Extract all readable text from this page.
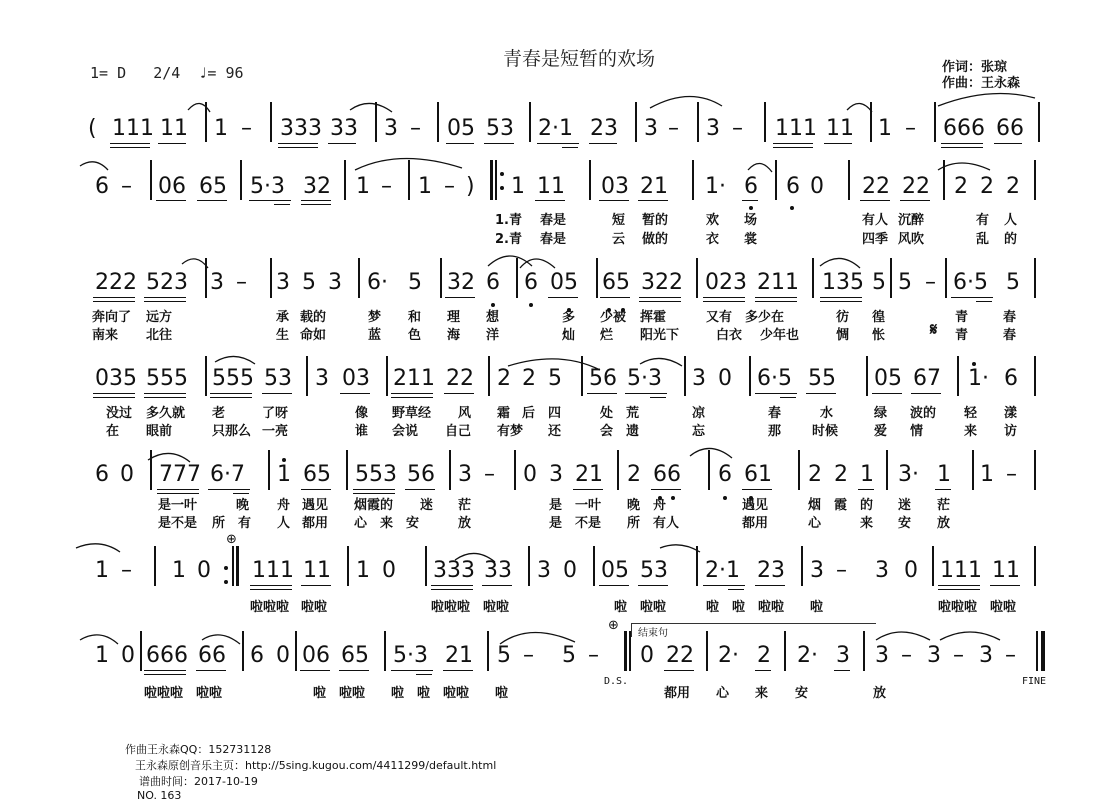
青春是短暂的欢场
1= D   2/4  ♩= 96	作词：张琼
作曲：王永森
( 111 11 1 – 333 33 3 – 05 53 2·1 23 3 – 3 – 111 11 1 – 666 66
6 – 06 65 5·3 32 1 – 1 – ) 1 11 03 21 1· 6 6 0 22 22 2 2 2
1.青 春是	短 暂的	欢 场	有人 沉醉	有 人
2.青 春是	云 做的	衣 裳	四季 风吹	乱 的
222 523 3 – 3 5 3 6· 5 32 6 6 05 65 322 023 211 135 5 5 – 6·5 5
奔向了 远方	承 载的	梦 和 理 想	多 少被 挥霍	又有 多少在	彷 徨	青	春
南来 北往	生 命如	蓝 色 海 洋	灿 烂 阳光下	白衣 少年也	惆 怅	𝄋 青	春
035 555 555 53 3 03 211 22 2 2 5 56 5·3 3 0 6·5 55 05 67 1· 6
没过 多久就 老	了呀	像 野草经 风 霜 后 四	处 荒	凉	春	水	绿 波的 轻 漾
在 眼前	只那么 一亮	谁 会说 自己 有梦 还	会 遗	忘	那 时候	爱 情	来 访
6 0 777 6·7 1 65 553 56 3 – 0 3 21 2 66 6 61 2 2 1 3· 1 1 –
是一叶	晚 舟 遇见 烟霞的 迷 茫	是 一叶 晚 舟	遇见	烟 霞 的 迷 茫
是不是 所 有 人 都用 心 来 安	放	是 不是 所 有人	都用	心	来 安 放
⊕
1 – 1 0 111 11 1 0 333 33 3 0 05 53 2·1 23 3 – 3 0 111 11
啦啦啦 啦啦	啦啦啦 啦啦	啦 啦啦	啦 啦 啦啦 啦	啦啦啦 啦啦
⊕
结束句
1 0 666 66 6 0 06 65 5·3 21 5 – 5 – 0 22 2· 2 2· 3 3 – 3 – 3 –
D.S.	FINE
啦啦啦 啦啦	啦 啦啦 啦 啦 啦啦 啦	都用 心 来 安	放

作曲王永森QQ：152731128
王永森原创音乐主页：http://5sing.kugou.com/4411299/default.html
谱曲时间：2017-10-19
NO. 163
